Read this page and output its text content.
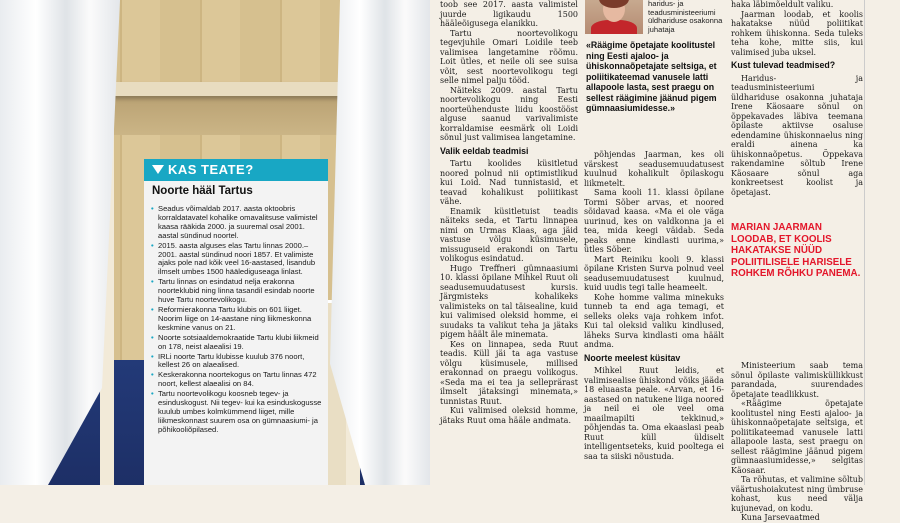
KAS TEATE?
Noorte hääl Tartus
• Seadus võimaldab 2017. aasta oktoobris korraldatavatel kohalike omavalitsuse valimistel kaasa rääkida 2000. ja suuremal osal 2001. aastal sündinud noortel.
• 2015. aasta alguses elas Tartu linnas 2000.–2001. aastal sündinud noori 1857. Et valimiste ajaks pole nad kõik veel 16-aastased, lisandub ilmselt umbes 1500 häälediguseaga linlast.
• Tartu linnas on esindatud nelja erakonna noorteklubid ning linna tasandil esindab noorte huve Tartu noortevolikogu.
• Reformierakonna Tartu klubis on 601 liiget. Noorim liige on 14-aastane ning liikmeskonna keskmine vanus on 21.
• Noorte sotsiaaldemokraatide Tartu klubi liikmeid on 178, neist alaealisi 19.
• IRLi noorte Tartu klubisse kuulub 376 noort, kellest 26 on alaealised.
• Keskerakonna noortekogus on Tartu linnas 472 noort, kellest alaealisi on 84.
• Tartu noortevolikogu koosneb tegev- ja esinduskogust. Nii tegev- kui ka esinduskogusse kuulub umbes kolmkümmend liiget, mille liikmeskonnast suurem osa on gümnaasiumi- ja põhikooliõpilased.

toob see 2017. aasta valimistel juurde ligikaudu 1500 hääleõigusega elanikku.

Tartu noortevolikogu tegevjuhile Omari Loidile teeb valimisea langetamine rõõmu. Loit ütles, et neile oli see suisa võit, sest noortevolikogu tegi selle nimel palju tööd.

Näiteks 2009. aastal Tartu noortevolikogu ning Eesti noorteühenduste liidu koostööst alguse saanud varivalimiste korraldamise eesmärk oli Loidi sõnul just valimisea langetamine.

Valik eeldab teadmisi

Tartu koolides küsitletud noored polnud nii optimistlikud kui Loid. Nad tunnistasid, et teavad kohalikust poliitikast vähe.

Enamik küsitletuist teadis näiteks seda, et Tartu linnapea nimi on Urmas Klaas, aga jäid vastuse võlgu küsimusele, missuguseid erakondi on Tartu volikogus esindatud.

Hugo Treffneri gümnaasiumi 10. klassi õpilane Mihkel Ruut oli seadusemuudatusest kursis. Järgmisteks kohalikeks valimisteks on tal täisealine, kuid kui valimised oleksid homme, ei suudaks ta valikut teha ja jätaks pigem häält äle minemata.

Kes on linnapea, seda Ruut teadis. Küll jäi ta aga vastuse võlgu küsimusele, millised erakonnad on praegu volikogus. «Seda ma ei tea ja selleprärast ilmselt jätaksingi minemata,» tunnistas Ruut.

Kui valimised oleksid homme, jätaks Ruut oma hääle andmata.

haridus- ja teadusministeeriumi üldhariduse osakonna juhataja
«Räägime õpetajate koolitustel ning Eesti ajaloo- ja ühiskonnaõpetajate seltsiga, et poliitikateemad vanusele latti allapoole lasta, sest praegu on sellest räägimine jäänud pigem gümnaasiumidesse.»

põhjendas Jaarman, kes oli värskest seadusemuudatusest kuulnud kohalikult õpilaskogu liikmetelt.

Sama kooli 11. klassi õpilane Tormi Sõber arvas, et noored sõidavad kaasa. «Ma ei ole väga uurinud, kes on valdkonna ja ei tea, mida keegi väidab. Seda peaks enne kindlasti uurima,» ütles Sõber.

Mart Reiniku kooli 9. klassi õpilane Kristen Surva polnud veel seadusemuudatusest kuulnud, kuid uudis tegi talle heameelt.

Kohe homme valima minekuks tunneb ta end aga temagi, et selleks oleks vaja rohkem infot. Kui tal oleksid valiku kindlused, läheks Surva kindlasti oma häält andma.

Noorte meelest küsitav

Mihkel Ruut leidis, et valimisealise ühiskond võiks jääda 18 eluaasta peale. «Arvan, et 16-aastased on natukene liiga noored ja neil ei ole veel oma maailmapilti tekkinud,» põhjendas ta. Oma ekaaslasi peab Ruut küll üldiselt intelligentseteks, kuid pooltega ei saa ta siiski nõustuda.

haka läbimõeldult valiku.

Jaarman loodab, et koolis hakatakse nüüd poliitikat rohkem ühiskonna. Seda tuleks teha kohe, mitte siis, kui valimised juba uksel.

Kust tulevad teadmised?

Haridus- ja teadusministeeriumi üldhariduse osakonna juhataja Irene Käosaare sõnul on õppekavades läbiva teemana õpilaste aktiivse osaluse edendamine ühiskonnaelus ning eraldi ainena ka ühiskonnaõpetus. Õppekava rakendamine sõltub Irene Käosaare sõnul aga konkreetsest koolist ja õpetajast.

MARIAN JAARMAN LOODAB, ET KOOLIS HAKATAKSE NÜÜD POLIITILISELE HARISELE ROHKEM RÕHKU PANEMA.

Ministeerium saab tema sõnul õpilaste valimisküllikkust parandada, suurendades õpetajate teadlikkust.

«Räägime õpetajate koolitustel ning Eesti ajaloo- ja ühiskonnaõpetajate seltsiga, et poliitikateemad vanusele latti allapoole lasta, sest praegu on sellest räägimine jäänud pigem gümnaasiumidesse,» selgitas Käosaar.

Ta rõhutas, et valimine sõltub väärtushoiakutest ning ümbruse kohast, kus need välja kujunevad, on kodu.

Kuna Jarsevaatmed
